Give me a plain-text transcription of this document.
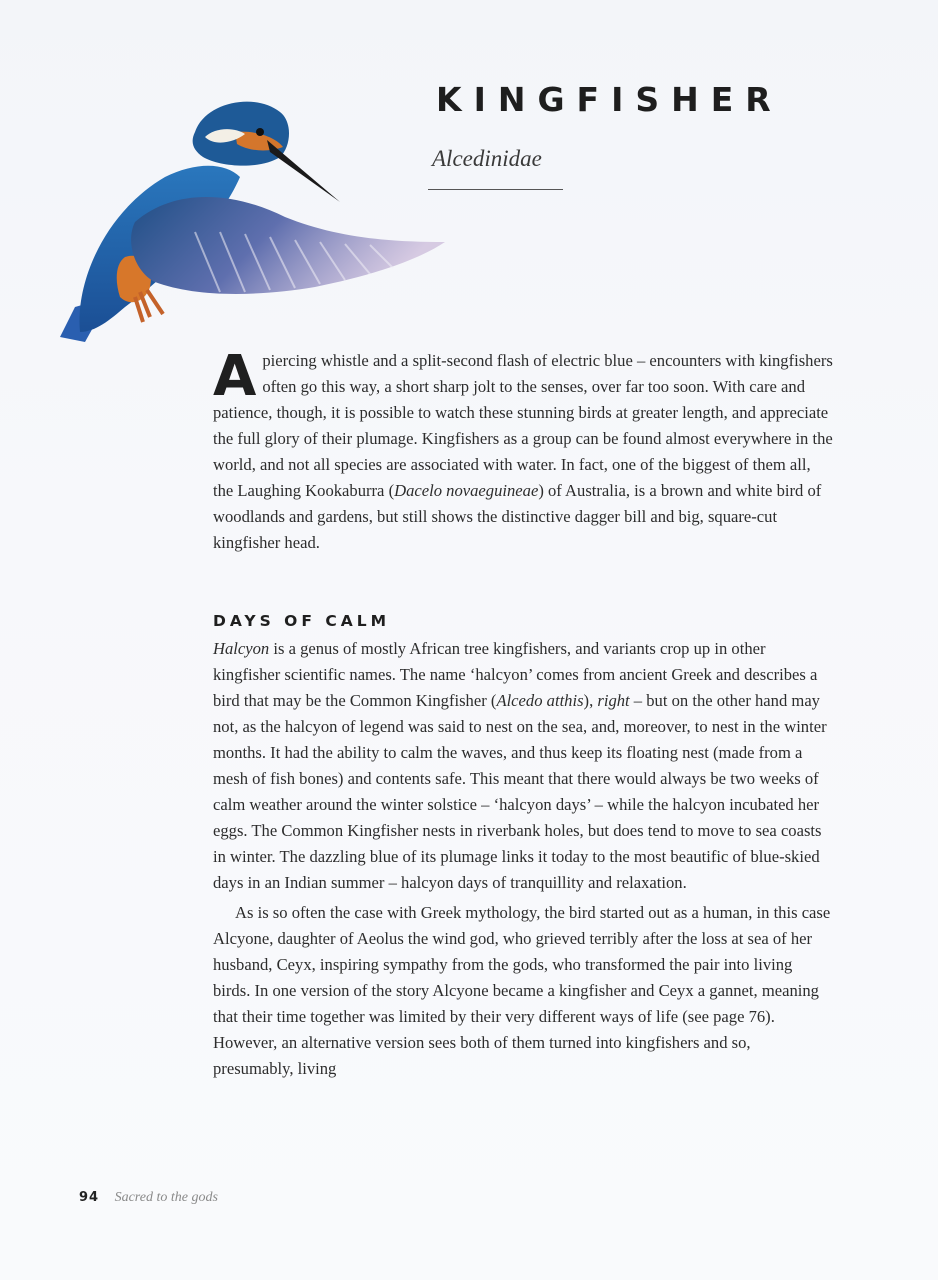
KINGFISHER
Alcedinidae

A piercing whistle and a split-second flash of electric blue – encounters with kingfishers often go this way, a short sharp jolt to the senses, over far too soon. With care and patience, though, it is possible to watch these stunning birds at greater length, and appreciate the full glory of their plumage. Kingfishers as a group can be found almost everywhere in the world, and not all species are associated with water. In fact, one of the biggest of them all, the Laughing Kookaburra (Dacelo novaeguineae) of Australia, is a brown and white bird of woodlands and gardens, but still shows the distinctive dagger bill and big, square-cut kingfisher head.

DAYS OF CALM

Halcyon is a genus of mostly African tree kingfishers, and variants crop up in other kingfisher scientific names. The name ‘halcyon’ comes from ancient Greek and describes a bird that may be the Common Kingfisher (Alcedo atthis), right – but on the other hand may not, as the halcyon of legend was said to nest on the sea, and, moreover, to nest in the winter months. It had the ability to calm the waves, and thus keep its floating nest (made from a mesh of fish bones) and contents safe. This meant that there would always be two weeks of calm weather around the winter solstice – ‘halcyon days’ – while the halcyon incubated her eggs. The Common Kingfisher nests in riverbank holes, but does tend to move to sea coasts in winter. The dazzling blue of its plumage links it today to the most beautific of blue-skied days in an Indian summer – halcyon days of tranquillity and relaxation.

As is so often the case with Greek mythology, the bird started out as a human, in this case Alcyone, daughter of Aeolus the wind god, who grieved terribly after the loss at sea of her husband, Ceyx, inspiring sympathy from the gods, who transformed the pair into living birds. In one version of the story Alcyone became a kingfisher and Ceyx a gannet, meaning that their time together was limited by their very different ways of life (see page 76). However, an alternative version sees both of them turned into kingfishers and so, presumably, living

94 Sacred to the gods
